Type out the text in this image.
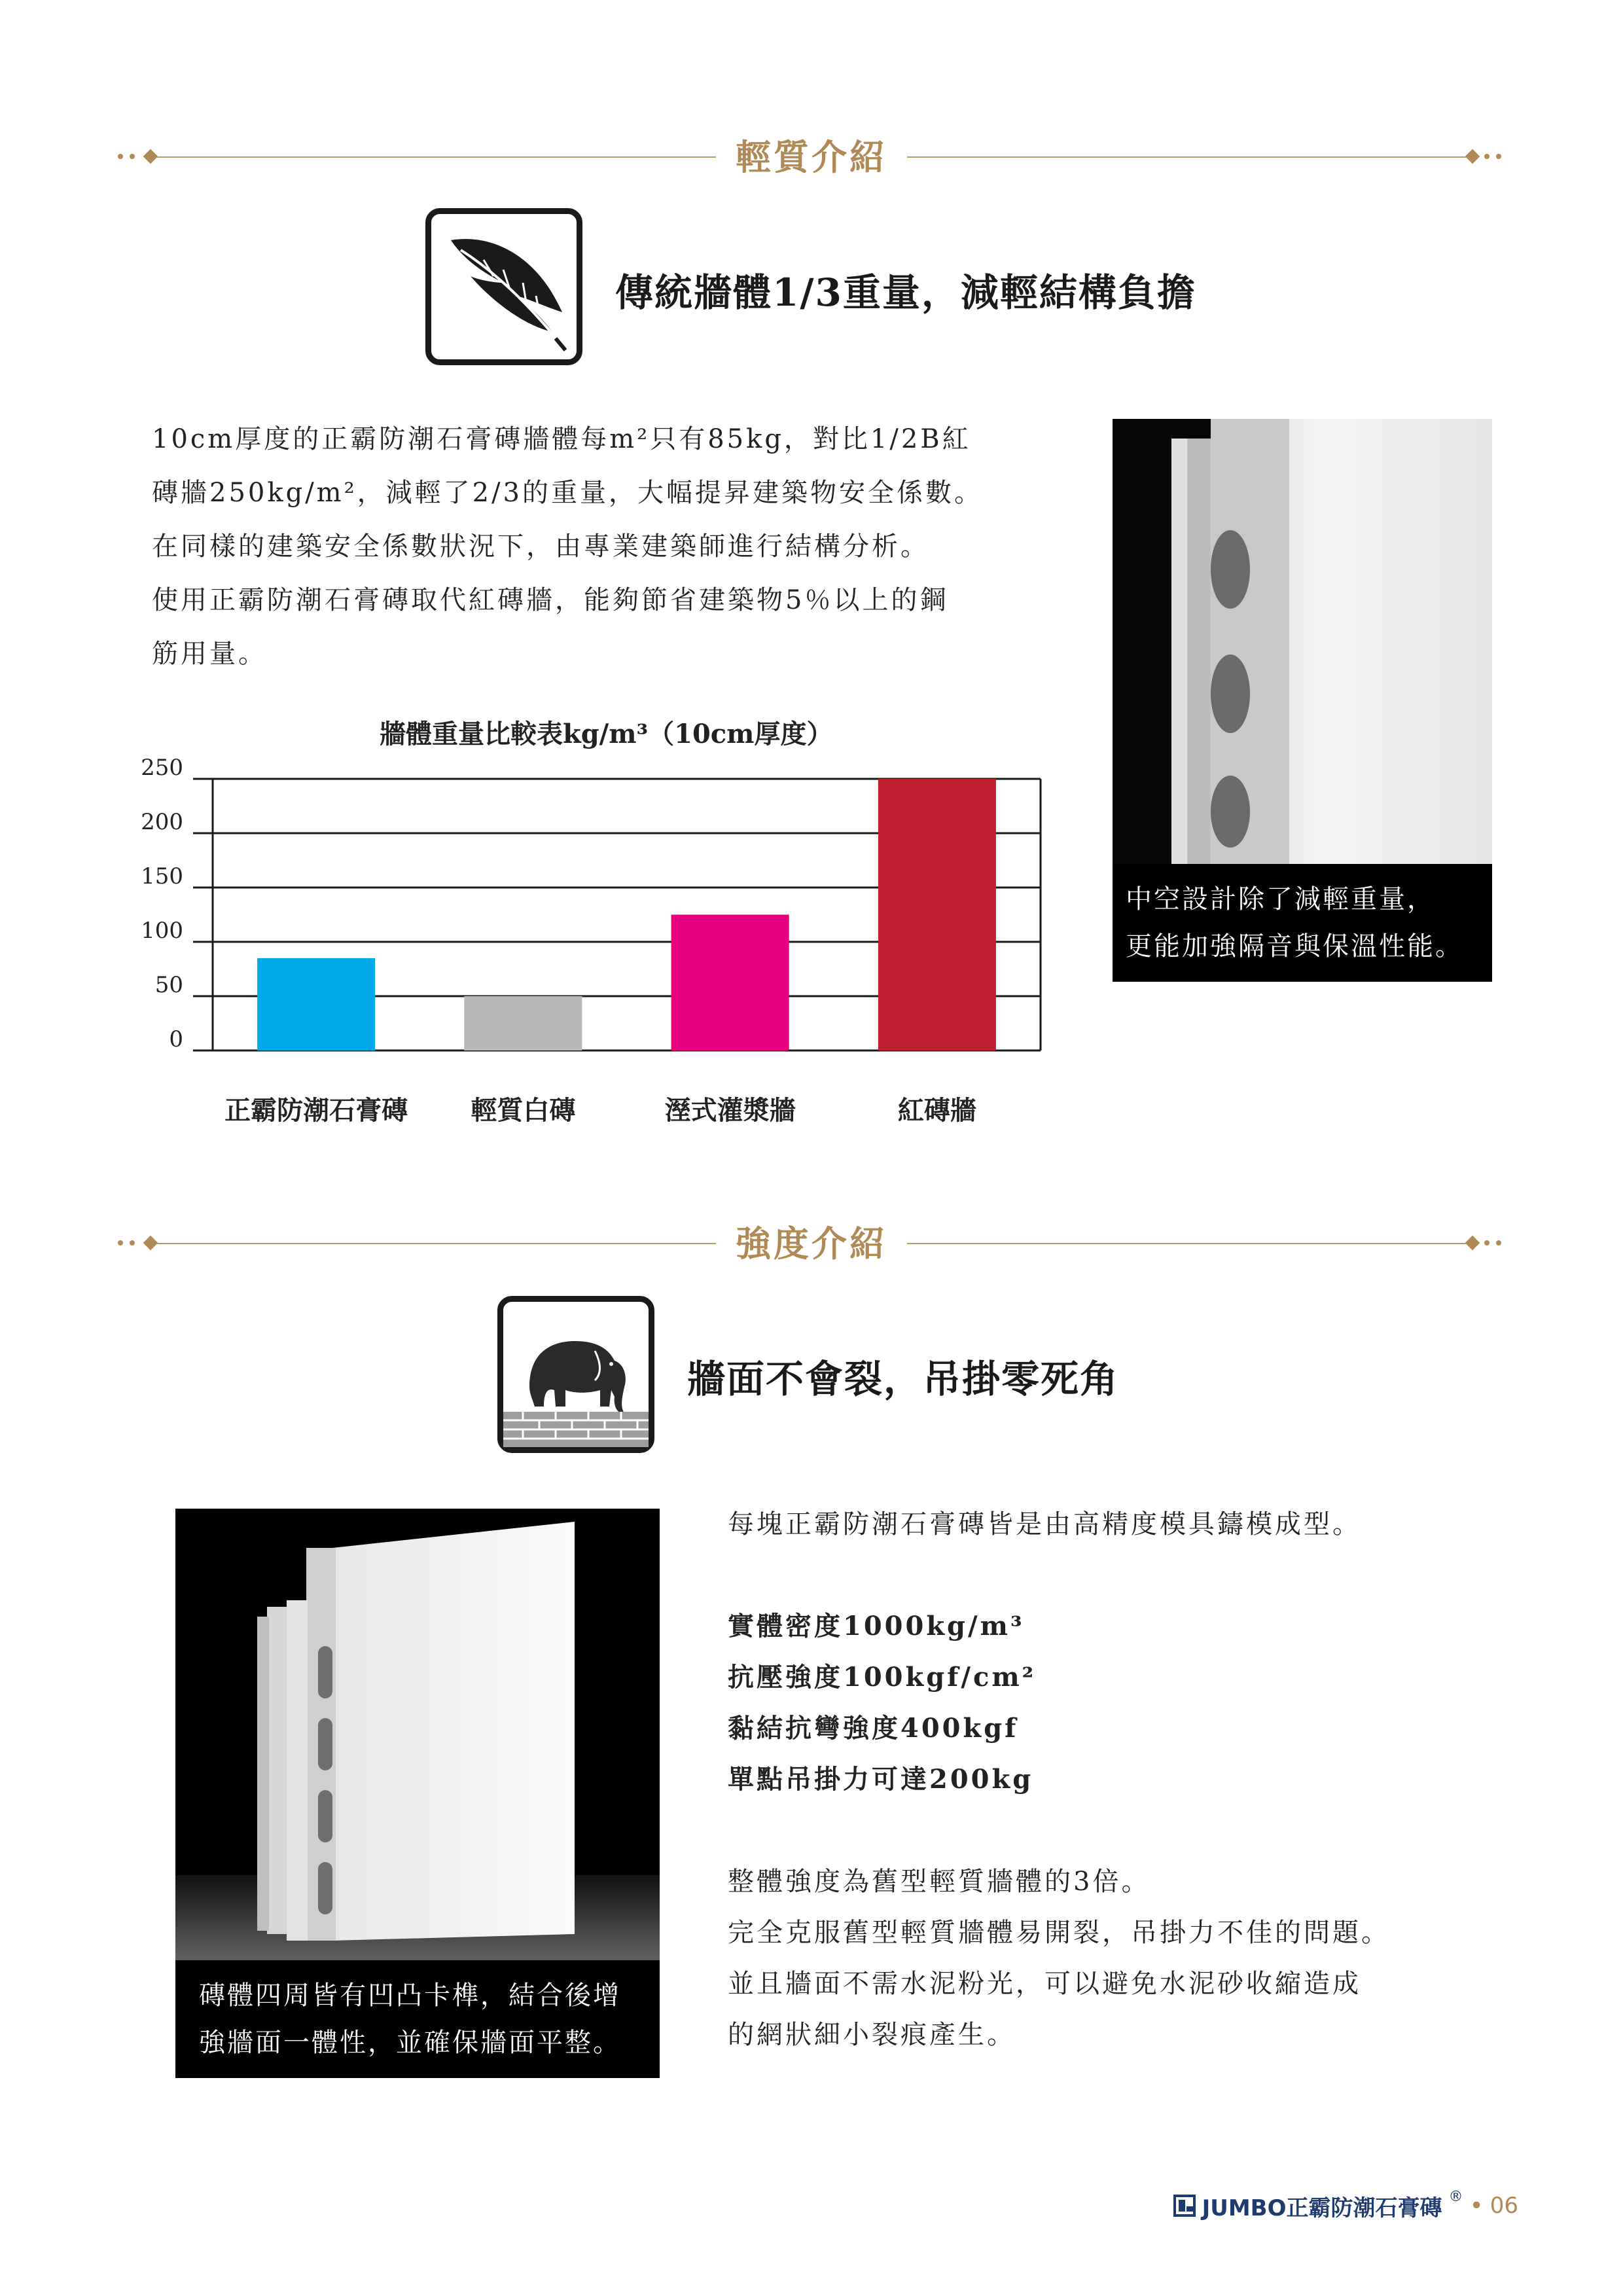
輕質介紹
傳統牆體1/3重量，減輕結構負擔

10cm厚度的正霸防潮石膏磚牆體每m²只有85kg，對比1/2B紅

磚牆250kg/m²，減輕了2/3的重量，大幅提昇建築物安全係數。

在同樣的建築安全係數狀況下，由專業建築師進行結構分析。

使用正霸防潮石膏磚取代紅磚牆，能夠節省建築物5％以上的鋼

筋用量。

中空設計除了減輕重量，

更能加強隔音與保溫性能。

牆體重量比較表kg/m³（10cm厚度）
0
50
100
150
200
250
正霸防潮石膏磚	輕質白磚	溼式灌漿牆	紅磚牆
強度介紹
牆面不會裂，吊掛零死角

磚體四周皆有凹凸卡榫，結合後增

強牆面一體性，並確保牆面平整。

每塊正霸防潮石膏磚皆是由高精度模具鑄模成型。

實體密度1000kg/m³

抗壓強度100kgf/cm²

黏結抗彎強度400kgf

單點吊掛力可達200kg

整體強度為舊型輕質牆體的3倍。

完全克服舊型輕質牆體易開裂，吊掛力不佳的問題。

並且牆面不需水泥粉光，可以避免水泥砂收縮造成

的網狀細小裂痕產生。

JUMBO正霸防潮石膏磚 ® • 06
